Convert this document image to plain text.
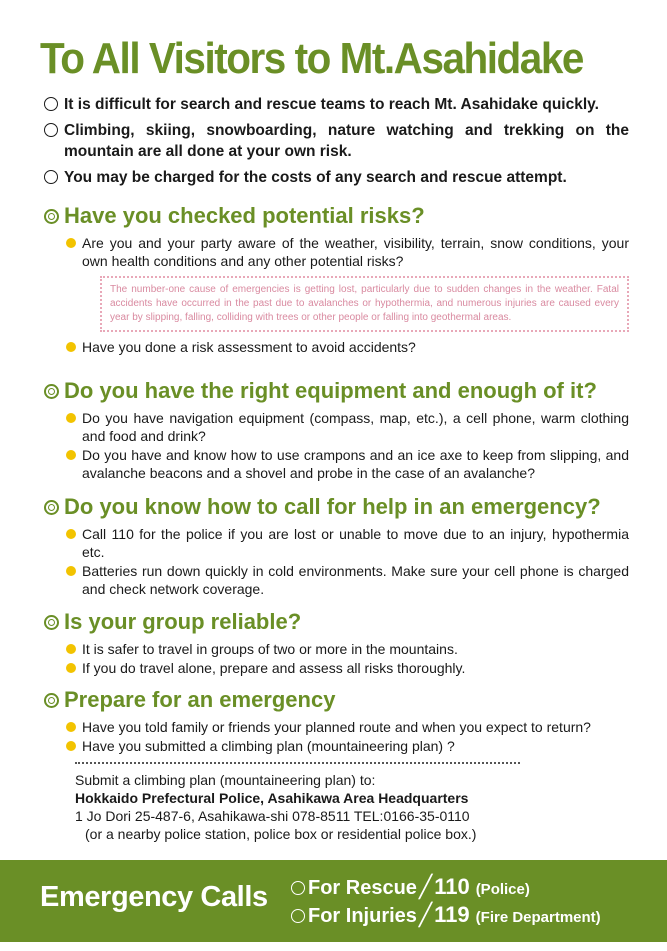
To All Visitors to Mt.Asahidake
It is difficult for search and rescue teams to reach Mt. Asahidake quickly.
Climbing, skiing, snowboarding, nature watching and trekking on the mountain are all done at your own risk.
You may be charged for the costs of any search and rescue attempt.
Have you checked potential risks?
Are you and your party aware of the weather, visibility, terrain, snow conditions, your own health conditions and any other potential risks?
The number-one cause of emergencies is getting lost, particularly due to sudden changes in the weather. Fatal accidents have occurred in the past due to avalanches or hypothermia, and numerous injuries are caused every year by slipping, falling, colliding with trees or other people or falling into geothermal areas.
Have you done a risk assessment to avoid accidents?
Do you have the right equipment and enough of it?
Do you have navigation equipment (compass, map, etc.), a cell phone, warm clothing and food and drink?
Do you have and know how to use crampons and an ice axe to keep from slipping, and avalanche beacons and a shovel and probe in the case of an avalanche?
Do you know how to call for help in an emergency?
Call 110 for the police if you are lost or unable to move due to an injury, hypothermia etc.
Batteries run down quickly in cold environments. Make sure your cell phone is charged and check network coverage.
Is your group reliable?
It is safer to travel in groups of two or more in the mountains.
If you do travel alone, prepare and assess all risks thoroughly.
Prepare for an emergency
Have you told family or friends your planned route and when you expect to return?
Have you submitted a climbing plan (mountaineering plan) ?
Submit a climbing plan (mountaineering plan) to:
Hokkaido Prefectural Police, Asahikawa Area Headquarters
1 Jo Dori 25-487-6, Asahikawa-shi 078-8511 TEL:0166-35-0110
(or a nearby police station, police box or residential police box.)
Emergency Calls For Rescue ╱ 110 (Police)
For Injuries ╱ 119 (Fire Department)
